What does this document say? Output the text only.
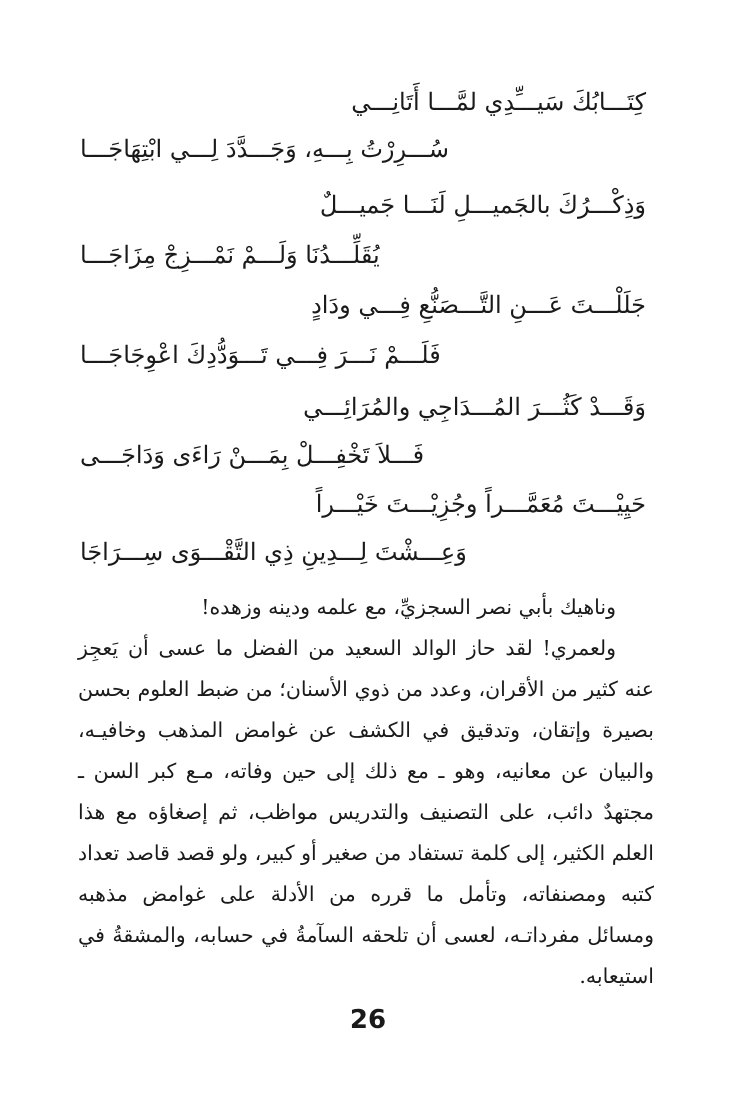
كِتَـــابُكَ سَيـــِّدِي لمَّـــا أَتَانِـــي
سُـــرِرْتُ بِـــهِ، وَجَـــدَّدَ لِـــي ابْتِهَاجَـــا
وَذِكْـــرُكَ بالجَميـــلِ لَنَـــا جَميـــلٌ
يُقَلِّـــدُنَا وَلَـــمْ نَمْـــزِجْ مِزَاجَـــا
جَلَلْـــتَ عَـــنِ التَّـــصَنُّعِ فِـــي ودَادٍ
فَلَـــمْ نَـــرَ فِـــي تَـــوَدُّدِكَ اعْوِجَاجَـــا
وَقَـــدْ كَثُـــرَ المُـــدَاجِي والمُرَائِـــي
فَـــلاَ تَخْفِـــلْ بِمَـــنْ رَاءَى وَدَاجَـــى
حَيِيْـــتَ مُعَمَّـــراً وجُزِيْـــتَ خَيْـــراً
وَعِـــشْتَ لِـــدِينِ ذِي التَّقْـــوَى سِـــرَاجَا

وناهيك بأبي نصر السجزيِّ، مع علمه ودينه وزهده!

ولعمري! لقد حاز الوالد السعيد من الفضل ما عسى أن يَعجِز عنه كثير من الأقران، وعدد من ذوي الأسنان؛ من ضبط العلوم بحسن بصيرة وإتقان، وتدقيق في الكشف عن غوامض المذهب وخافيـه، والبيان عن معانيه، وهو ـ مع ذلك إلى حين وفاته، مـع كبر السن ـ مجتهدٌ دائب، على التصنيف والتدريس مواظب، ثم إصغاؤه مع هذا العلم الكثير، إلى كلمة تستفاد من صغير أو كبير، ولو قصد قاصد تعداد كتبه ومصنفاته، وتأمل ما قرره من الأدلة على غوامض مذهبه ومسائل مفرداتـه، لعسى أن تلحقه السآمةُ في حسابه، والمشقةُ في استيعابه.

26
